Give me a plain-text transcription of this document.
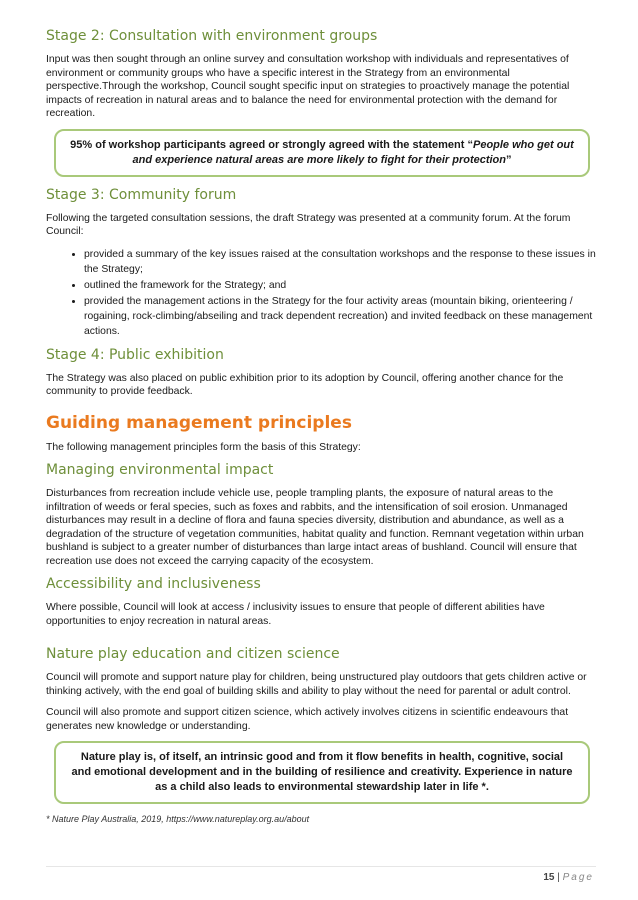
Stage 2: Consultation with environment groups

Input was then sought through an online survey and consultation workshop with individuals and representatives of environment or community groups who have a specific interest in the Strategy from an environmental perspective.Through the workshop, Council sought specific input on strategies to proactively manage the potential impacts of recreation in natural areas and to balance the need for environmental protection with the demand for recreation.

95% of workshop participants agreed or strongly agreed with the statement “People who get out and experience natural areas are more likely to fight for their protection”
Stage 3: Community forum

Following the targeted consultation sessions, the draft Strategy was presented at a community forum. At the forum Council:

• provided a summary of the key issues raised at the consultation workshops and the response to these issues in the Strategy;
• outlined the framework for the Strategy; and
• provided the management actions in the Strategy for the four activity areas (mountain biking, orienteering / rogaining, rock-climbing/abseiling and track dependent recreation) and invited feedback on these management actions.
Stage 4: Public exhibition

The Strategy was also placed on public exhibition prior to its adoption by Council, offering another chance for the community to provide feedback.

Guiding management principles

The following management principles form the basis of this Strategy:

Managing environmental impact

Disturbances from recreation include vehicle use, people trampling plants, the exposure of natural areas to the infiltration of weeds or feral species, such as foxes and rabbits, and the intensification of soil erosion. Unmanaged disturbances may result in a decline of flora and fauna species diversity, distribution and abundance, as well as a degradation of the structure of vegetation communities, habitat quality and function. Remnant vegetation within urban bushland is subject to a greater number of disturbances than large intact areas of bushland. Council will ensure that recreation use does not exceed the carrying capacity of the ecosystem.

Accessibility and inclusiveness

Where possible, Council will look at access / inclusivity issues to ensure that people of different abilities have opportunities to enjoy recreation in natural areas.

Nature play education and citizen science

Council will promote and support nature play for children, being unstructured play outdoors that gets children active or thinking actively, with the end goal of building skills and ability to play without the need for parental or adult control.

Council will also promote and support citizen science, which actively involves citizens in scientific endeavours that generates new knowledge or understanding.

Nature play is, of itself, an intrinsic good and from it flow benefits in health, cognitive, social and emotional development and in the building of resilience and creativity. Experience in nature as a child also leads to environmental stewardship later in life *.
* Nature Play Australia, 2019, https://www.natureplay.org.au/about
15 | Page
